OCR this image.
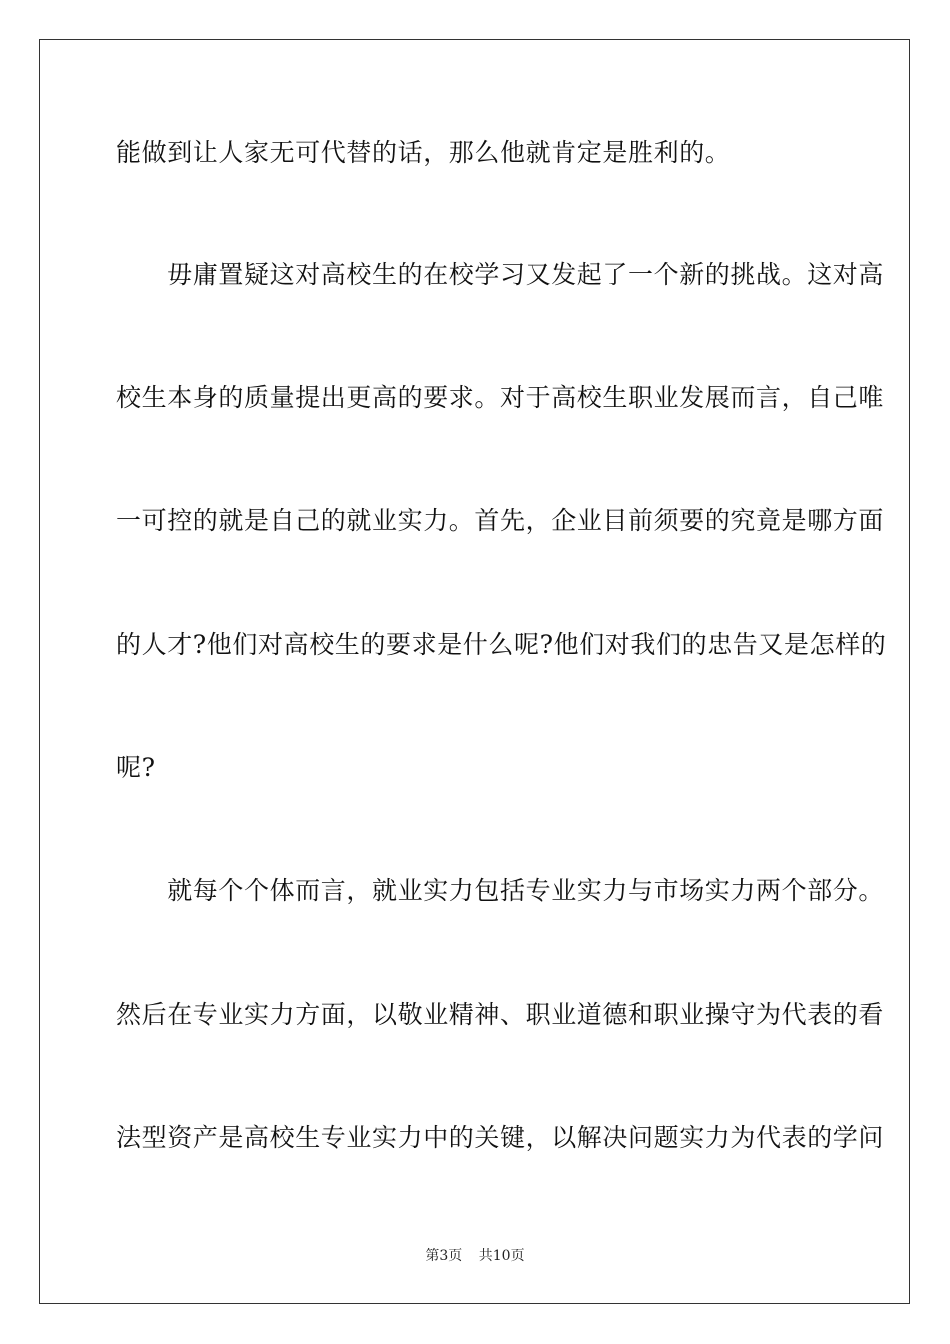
能做到让人家无可代替的话，那么他就肯定是胜利的。
　　毋庸置疑这对高校生的在校学习又发起了一个新的挑战。这对高
校生本身的质量提出更高的要求。对于高校生职业发展而言，自己唯
一可控的就是自己的就业实力。首先，企业目前须要的究竟是哪方面
的人才?他们对高校生的要求是什么呢?他们对我们的忠告又是怎样的
呢?
　　就每个个体而言，就业实力包括专业实力与市场实力两个部分。
然后在专业实力方面，以敬业精神、职业道德和职业操守为代表的看
法型资产是高校生专业实力中的关键，以解决问题实力为代表的学问
第3页 共10页
